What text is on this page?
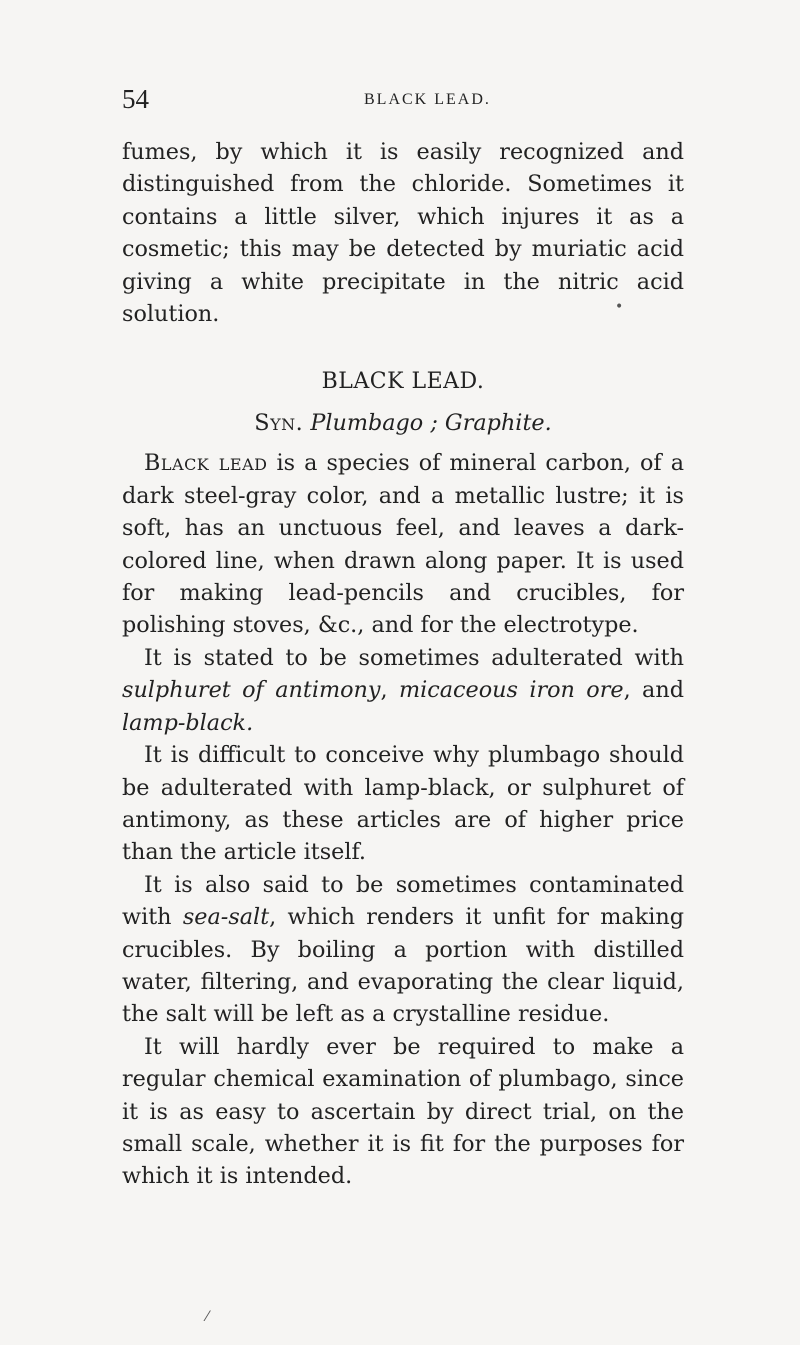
54	BLACK LEAD.

fumes, by which it is easily recognized and distinguished from the chloride. Sometimes it contains a little silver, which injures it as a cosmetic; this may be detected by muriatic acid giving a white precipitate in the nitric acid solution.

BLACK LEAD.
Syn. Plumbago ; Graphite.

Black lead is a species of mineral carbon, of a dark steel-gray color, and a metallic lustre; it is soft, has an unctuous feel, and leaves a dark-colored line, when drawn along paper. It is used for making lead-pencils and crucibles, for polishing stoves, &c., and for the electrotype.

It is stated to be sometimes adulterated with sulphuret of antimony, micaceous iron ore, and lamp-black.

It is difficult to conceive why plumbago should be adulterated with lamp-black, or sulphuret of antimony, as these articles are of higher price than the article itself.

It is also said to be sometimes contaminated with sea-salt, which renders it unfit for making crucibles. By boiling a portion with distilled water, filtering, and evaporating the clear liquid, the salt will be left as a crystalline residue.

It will hardly ever be required to make a regular chemical examination of plumbago, since it is as easy to ascertain by direct trial, on the small scale, whether it is fit for the purposes for which it is intended.

•
⁄
